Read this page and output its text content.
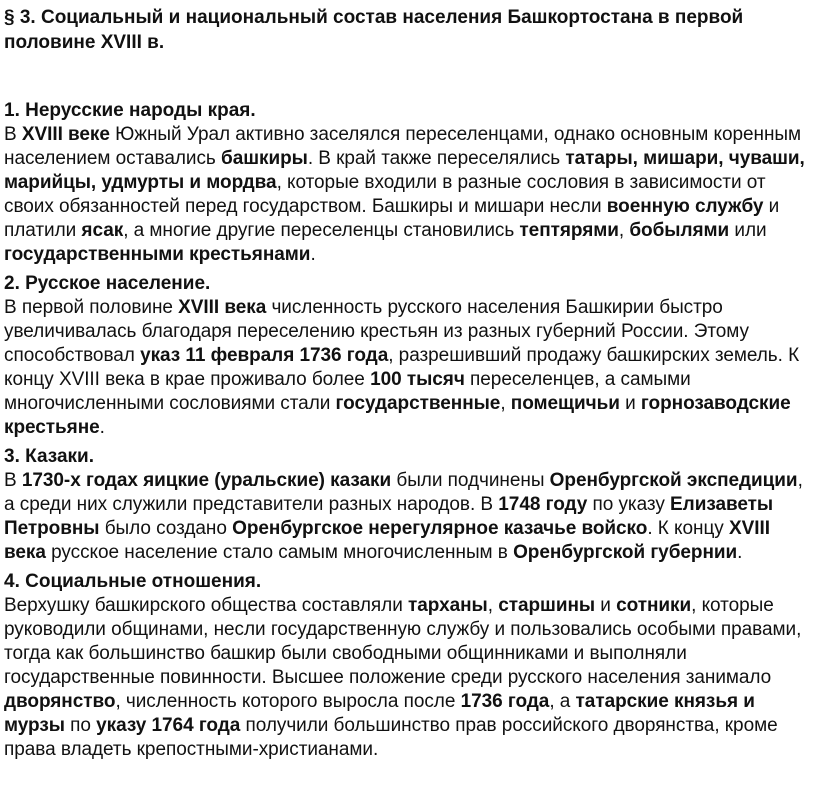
§ 3. Социальный и национальный состав населения Башкортостана в первой половине XVIII в.

1. Нерусские народы края.

В XVIII веке Южный Урал активно заселялся переселенцами, однако основным коренным населением оставались башкиры. В край также переселялись татары, мишари, чуваши, марийцы, удмурты и мордва, которые входили в разные сословия в зависимости от своих обязанностей перед государством. Башкиры и мишари несли военную службу и платили ясак, а многие другие переселенцы становились тептярями, бобылями или государственными крестьянами.

2. Русское население.

В первой половине XVIII века численность русского населения Башкирии быстро увеличивалась благодаря переселению крестьян из разных губерний России. Этому способствовал указ 11 февраля 1736 года, разрешивший продажу башкирских земель. К концу XVIII века в крае проживало более 100 тысяч переселенцев, а самыми многочисленными сословиями стали государственные, помещичьи и горнозаводские крестьяне.

3. Казаки.

В 1730-х годах яицкие (уральские) казаки были подчинены Оренбургской экспедиции, а среди них служили представители разных народов. В 1748 году по указу Елизаветы Петровны было создано Оренбургское нерегулярное казачье войско. К концу XVIII века русское население стало самым многочисленным в Оренбургской губернии.

4. Социальные отношения.

Верхушку башкирского общества составляли тарханы, старшины и сотники, которые руководили общинами, несли государственную службу и пользовались особыми правами, тогда как большинство башкир были свободными общинниками и выполняли государственные повинности. Высшее положение среди русского населения занимало дворянство, численность которого выросла после 1736 года, а татарские князья и мурзы по указу 1764 года получили большинство прав российского дворянства, кроме права владеть крепостными-христианами.
